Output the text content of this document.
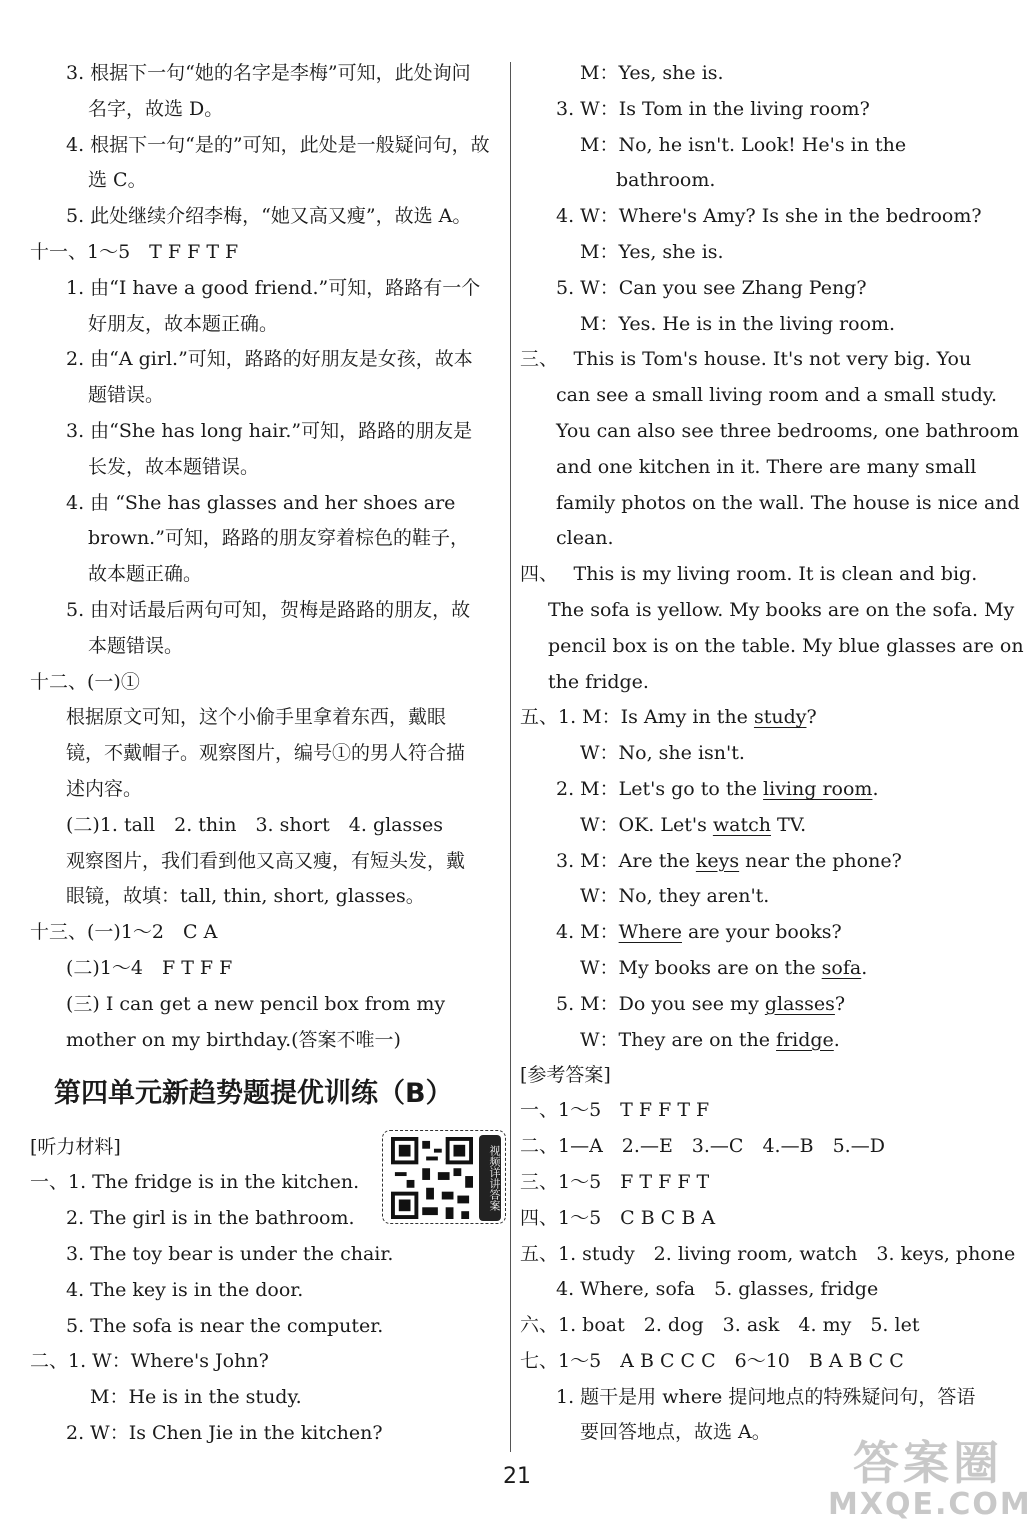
3. 根据下一句“她的名字是李梅”可知，此处询问
名字，故选 D。
4. 根据下一句“是的”可知，此处是一般疑问句，故
选 C。
5. 此处继续介绍李梅，“她又高又瘦”，故选 A。
十一、1～5　T F F T F
1. 由“I have a good friend.”可知，路路有一个
好朋友，故本题正确。
2. 由“A girl.”可知，路路的好朋友是女孩，故本
题错误。
3. 由“She has long hair.”可知，路路的朋友是
长发，故本题错误。
4. 由 “She has glasses and her shoes are
brown.”可知，路路的朋友穿着棕色的鞋子，
故本题正确。
5. 由对话最后两句可知，贺梅是路路的朋友，故
本题错误。
十二、(一)①
根据原文可知，这个小偷手里拿着东西，戴眼
镜，不戴帽子。观察图片，编号①的男人符合描
述内容。
(二)1. tall　2. thin　3. short　4. glasses
观察图片，我们看到他又高又瘦，有短头发，戴
眼镜，故填：tall, thin, short, glasses。
十三、(一)1～2　C A
(二)1～4　F T F F
(三) I can get a new pencil box from my
mother on my birthday.(答案不唯一)
第四单元新趋势题提优训练（B）
[听力材料]	视频详讲答案
一、1. The fridge is in the kitchen.
2. The girl is in the bathroom.
3. The toy bear is under the chair.
4. The key is in the door.
5. The sofa is near the computer.
二、1. W：Where's John?
M：He is in the study.
2. W：Is Chen Jie in the kitchen?
M：Yes, she is.
3. W：Is Tom in the living room?
M：No, he isn't. Look! He's in the
bathroom.
4. W：Where's Amy? Is she in the bedroom?
M：Yes, she is.
5. W：Can you see Zhang Peng?
M：Yes. He is in the living room.
三、　 This is Tom's house. It's not very big. You
can see a small living room and a small study.
You can also see three bedrooms, one bathroom
and one kitchen in it. There are many small
family photos on the wall. The house is nice and
clean.
四、　 This is my living room. It is clean and big.
The sofa is yellow. My books are on the sofa. My
pencil box is on the table. My blue glasses are on
the fridge.
五、1. M：Is Amy in the study?
W：No, she isn't.
2. M：Let's go to the living room.
W：OK. Let's watch TV.
3. M：Are the keys near the phone?
W：No, they aren't.
4. M：Where are your books?
W：My books are on the sofa.
5. M：Do you see my glasses?
W：They are on the fridge.
[参考答案]
一、1～5　T F F T F
二、1—A　2.—E　3.—C　4.—B　5.—D
三、1～5　F T F F T
四、1～5　C B C B A
五、1. study　2. living room, watch　3. keys, phone
4. Where, sofa　5. glasses, fridge
六、1. boat　2. dog　3. ask　4. my　5. let
七、1～5　A B C C C　6～10　B A B C C
1. 题干是用 where 提问地点的特殊疑问句，答语
要回答地点，故选 A。
21	答案圈
MXQE.COM
